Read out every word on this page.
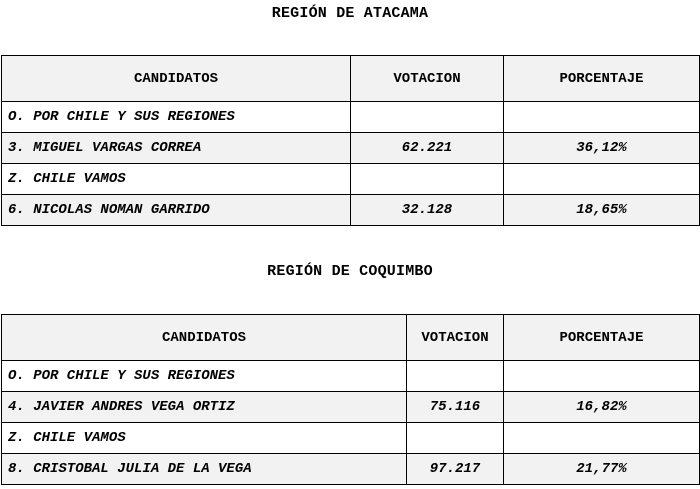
REGIÓN DE ATACAMA
CANDIDATOS	VOTACION	PORCENTAJE
O. POR CHILE Y SUS REGIONES		
3. MIGUEL VARGAS CORREA	62.221	36,12%
Z. CHILE VAMOS		
6. NICOLAS NOMAN GARRIDO	32.128	18,65%
REGIÓN DE COQUIMBO
CANDIDATOS	VOTACION	PORCENTAJE
O. POR CHILE Y SUS REGIONES		
4. JAVIER ANDRES VEGA ORTIZ	75.116	16,82%
Z. CHILE VAMOS		
8. CRISTOBAL JULIA DE LA VEGA	97.217	21,77%
